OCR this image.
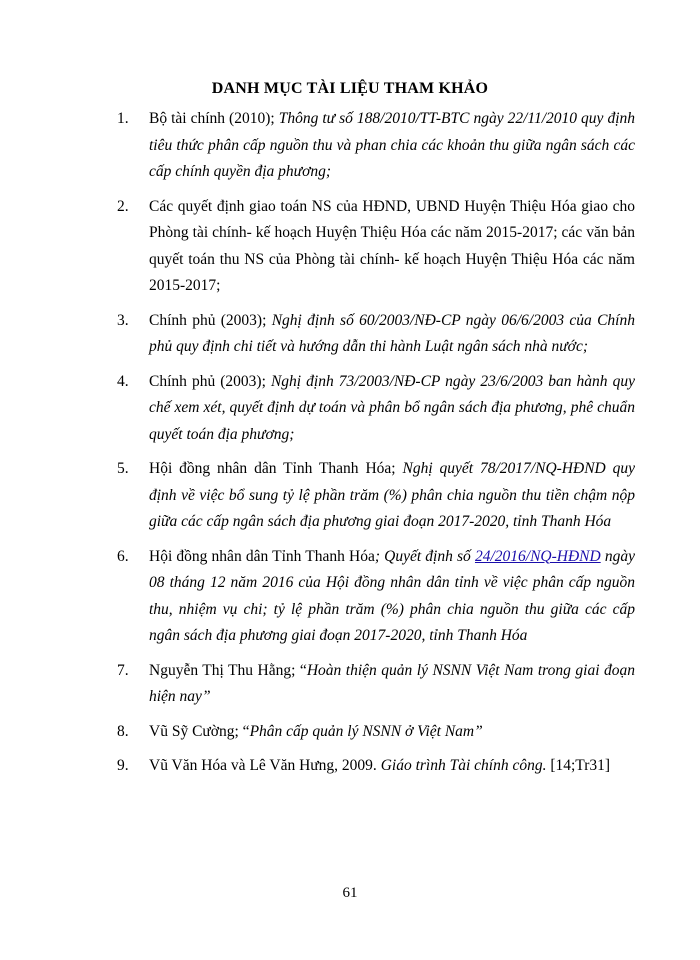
DANH MỤC TÀI LIỆU THAM KHẢO
1. Bộ tài chính (2010); Thông tư số 188/2010/TT-BTC ngày 22/11/2010 quy định tiêu thức phân cấp nguồn thu và phan chia các khoản thu giữa ngân sách các cấp chính quyền địa phương;
2. Các quyết định giao toán NS của HĐND, UBND Huyện Thiệu Hóa giao cho Phòng tài chính- kế hoạch Huyện Thiệu Hóa các năm 2015-2017; các văn bản quyết toán thu NS của Phòng tài chính- kế hoạch Huyện Thiệu Hóa các năm 2015-2017;
3. Chính phủ (2003); Nghị định số 60/2003/NĐ-CP ngày 06/6/2003 của Chính phủ quy định chi tiết và hướng dẫn thi hành Luật ngân sách nhà nước;
4. Chính phủ (2003); Nghị định 73/2003/NĐ-CP ngày 23/6/2003 ban hành quy chế xem xét, quyết định dự toán và phân bổ ngân sách địa phương, phê chuẩn quyết toán địa phương;
5. Hội đồng nhân dân Tỉnh Thanh Hóa; Nghị quyết 78/2017/NQ-HĐND quy định về việc bổ sung tỷ lệ phần trăm (%) phân chia nguồn thu tiền chậm nộp giữa các cấp ngân sách địa phương giai đoạn 2017-2020, tỉnh Thanh Hóa
6. Hội đồng nhân dân Tỉnh Thanh Hóa; Quyết định số 24/2016/NQ-HĐND ngày 08 tháng 12 năm 2016 của Hội đồng nhân dân tỉnh về việc phân cấp nguồn thu, nhiệm vụ chi; tỷ lệ phần trăm (%) phân chia nguồn thu giữa các cấp ngân sách địa phương giai đoạn 2017-2020, tỉnh Thanh Hóa
7. Nguyễn Thị Thu Hằng; “Hoàn thiện quản lý NSNN Việt Nam trong giai đoạn hiện nay”
8. Vũ Sỹ Cường; “Phân cấp quản lý NSNN ở Việt Nam”
9. Vũ Văn Hóa và Lê Văn Hưng, 2009. Giáo trình Tài chính công. [14;Tr31]
61
